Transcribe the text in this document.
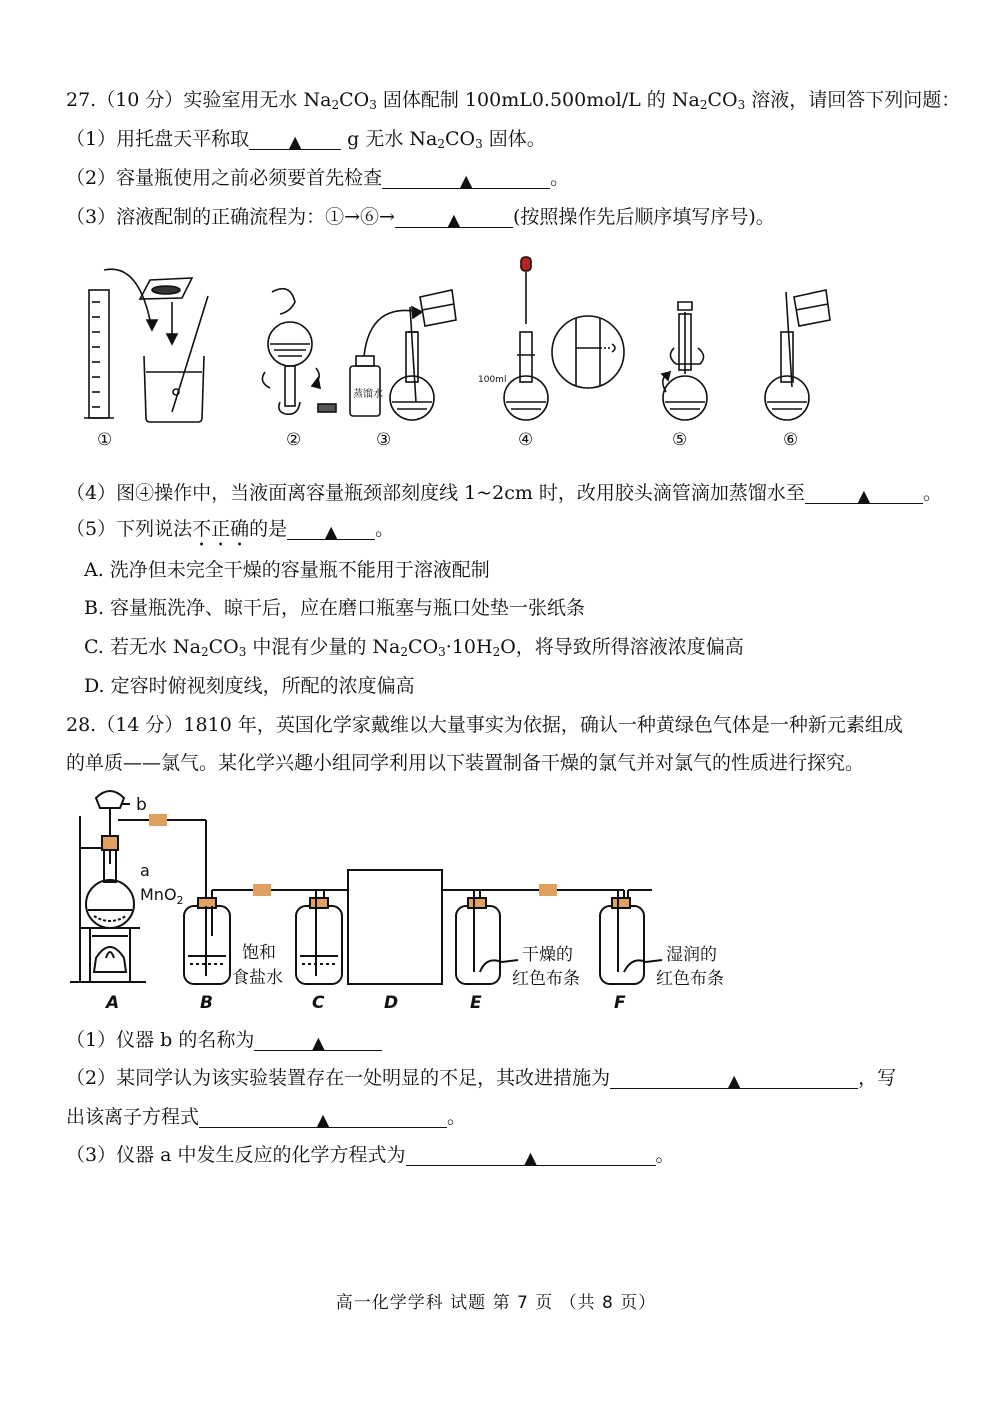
27.（10 分）实验室用无水 $Na_2CO_3$ 固体配制 100mL0.500mol/L 的 $Na_2CO_3$ 溶液，请回答下列问题：
（1）用托盘天平称取 ▲ g 无水 $Na_2CO_3$ 固体。
（2）容量瓶使用之前必须要首先检查	▲	。
（3）溶液配制的正确流程为：①→⑥→	▲	(按照操作先后顺序填写序号)。
蒸馏水
100ml
①	②	③	④	⑤	⑥
（4）图④操作中，当液面离容量瓶颈部刻度线 1~2cm 时，改用胶头滴管滴加蒸馏水至	▲	。
（5）下列说法不正确的是 ▲ 。
A. 洗净但未完全干燥的容量瓶不能用于溶液配制
B. 容量瓶洗净、晾干后，应在磨口瓶塞与瓶口处垫一张纸条
C. 若无水 $Na_2CO_3$ 中混有少量的 $Na_2CO_3\cdot 10H_2O$，将导致所得溶液浓度偏高
D. 定容时俯视刻度线，所配的浓度偏高
28.（14 分）1810 年，英国化学家戴维以大量事实为依据，确认一种黄绿色气体是一种新元素组成
的单质——氯气。某化学兴趣小组同学利用以下装置制备干燥的氯气并对氯气的性质进行探究。
b
a
MnO$_2$
饱和
食盐水
干燥的
红色布条
湿润的
红色布条
A	B	C	D	E	F
（1）仪器 b 的名称为	▲
（2）某同学认为该实验装置存在一处明显的不足，其改进措施为	▲	，写
出该离子方程式	▲	。
（3）仪器 a 中发生反应的化学方程式为	▲	。
高一化学学科 试题 第 7 页 （共 8 页）
